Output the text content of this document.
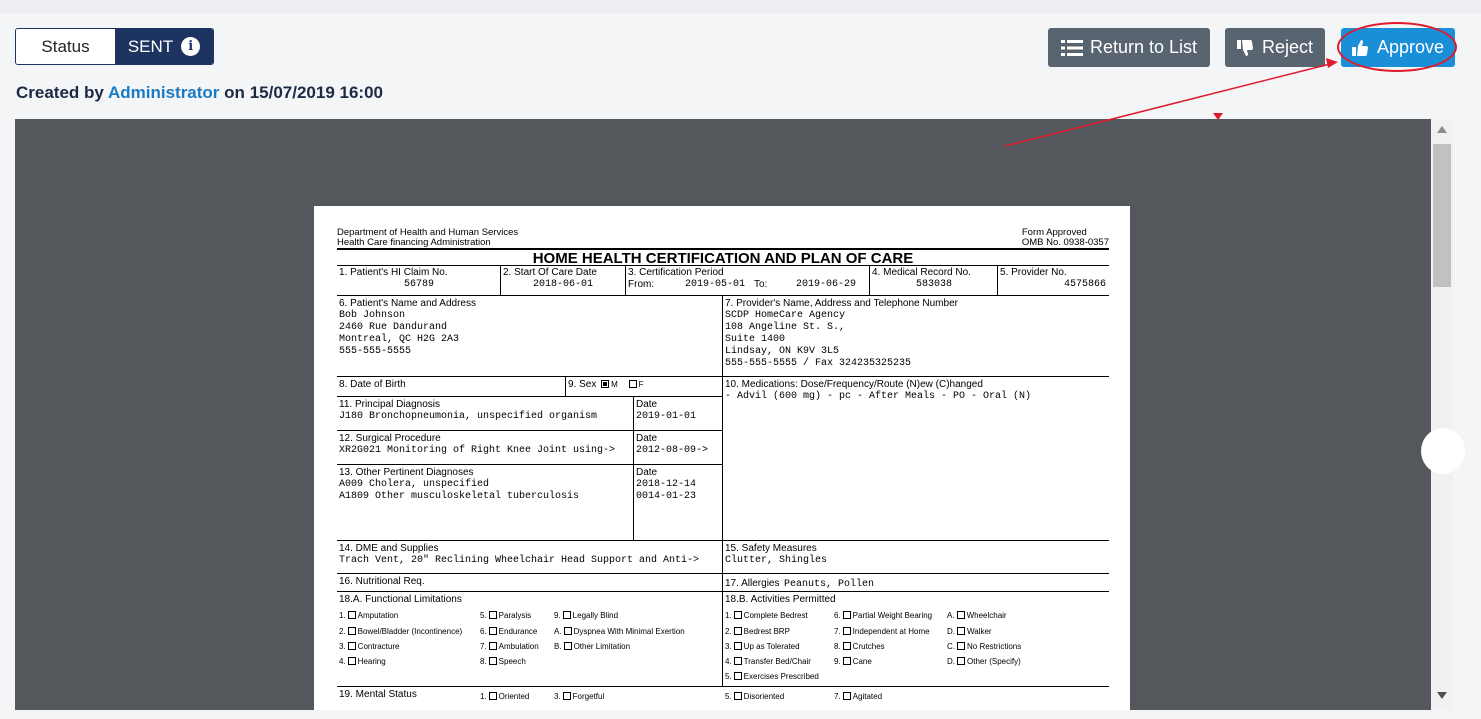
Status	SENT	i	Return to List	Reject	Approve
Created by Administrator on 15/07/2019 16:00
Department of Health and Human Services
Health Care financing Administration
Form Approved
OMB No. 0938-0357
HOME HEALTH CERTIFICATION AND PLAN OF CARE
1. Patient's HI Claim No.
56789
2. Start Of Care Date
2018-06-01
3. Certification Period
From:	2019-05-01 To:	2019-06-29
4. Medical Record No.
583038
5. Provider No.
4575866
6. Patient's Name and Address
Bob Johnson
2460 Rue Dandurand
Montreal, QC H2G 2A3
555-555-5555
7. Provider's Name, Address and Telephone Number
SCDP HomeCare Agency
108 Angeline St. S.,
Suite 1400
Lindsay, ON K9V 3L5
555-555-5555 / Fax 324235325235
8. Date of Birth	9. Sex M	F	10. Medications: Dose/Frequency/Route (N)ew (C)hanged
- Advil (600 mg) - pc - After Meals - PO - Oral (N)
11. Principal Diagnosis
J180 Bronchopneumonia, unspecified organism
Date
2019-01-01
12. Surgical Procedure
XR2G021 Monitoring of Right Knee Joint using->
Date
2012-08-09->
13. Other Pertinent Diagnoses
A009 Cholera, unspecified
A1809 Other musculoskeletal tuberculosis
Date
2018-12-14
0014-01-23
14. DME and Supplies
Trach Vent, 20" Reclining Wheelchair Head Support and Anti->
15. Safety Measures
Clutter, Shingles
16. Nutritional Req.	17. Allergies Peanuts, Pollen
18.A. Functional Limitations
1. Amputation
2. Bowel/Bladder (Incontinence)
3. Contracture
4. Hearing
5. Paralysis
6. Endurance
7. Ambulation
8. Speech
9. Legally Blind
A. Dyspnea With Minimal Exertion
B. Other Limitation
18.B. Activities Permitted
1. Complete Bedrest
2. Bedrest BRP
3. Up as Tolerated
4. Transfer Bed/Chair
5. Exercises Prescribed
6. Partial Weight Bearing
7. Independent at Home
8. Crutches
9. Cane
A. Wheelchair
D. Walker
C. No Restrictions
D. Other (Specify)
19. Mental Status	1. Oriented	3. Forgetful	5. Disoriented	7. Agitated
